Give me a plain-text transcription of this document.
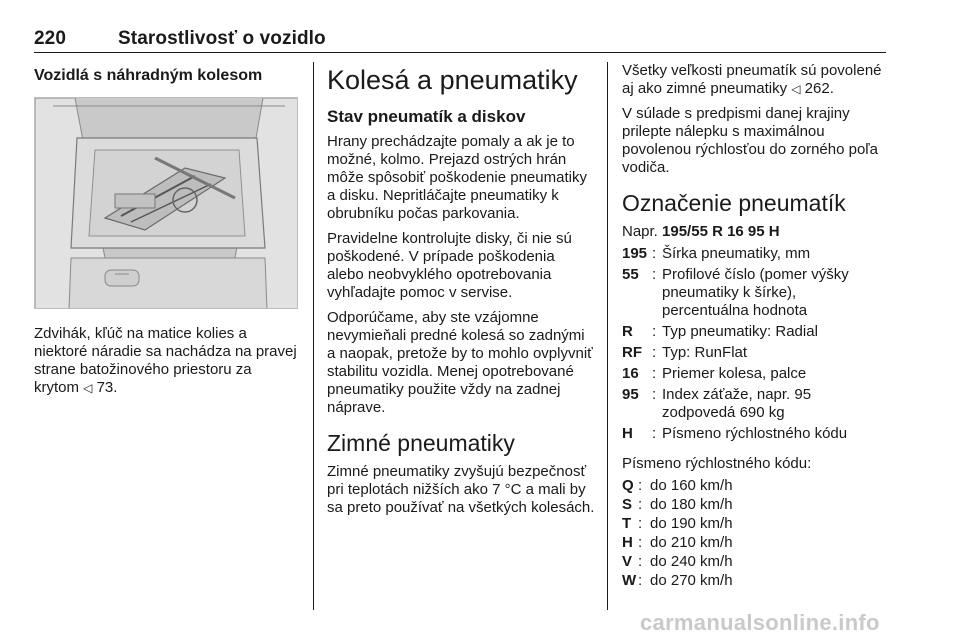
220	Starostlivosť o vozidlo
Vozidlá s náhradným kolesom
Zdvihák, kľúč na matice kolies a niektoré náradie sa nachádza na pravej strane batožinového priestoru za krytom ◁ 73.
Kolesá a pneumatiky
Stav pneumatík a diskov

Hrany prechádzajte pomaly a ak je to možné, kolmo. Prejazd ostrých hrán môže spôsobiť poškodenie pneumatiky a disku. Nepritláčajte pneumatiky k obrubníku počas parkovania.

Pravidelne kontrolujte disky, či nie sú poškodené. V prípade poškodenia alebo neobvyklého opotrebovania vyhľadajte pomoc v servise.

Odporúčame, aby ste vzájomne nevymieňali predné kolesá so zadnými a naopak, pretože by to mohlo ovplyvniť stabilitu vozidla. Menej opotrebované pneumatiky použite vždy na zadnej náprave.

Zimné pneumatiky

Zimné pneumatiky zvyšujú bezpečnosť pri teplotách nižších ako 7 °C a mali by sa preto používať na všetkých kolesách.

Všetky veľkosti pneumatík sú povolené aj ako zimné pneumatiky ◁ 262.

V súlade s predpismi danej krajiny prilepte nálepku s maximálnou povolenou rýchlosťou do zorného poľa vodiča.

Označenie pneumatík

Napr. 195/55 R 16 95 H

195 : Šírka pneumatiky, mm
55 : Profilové číslo (pomer výšky pneumatiky k šírke), percentuálna hodnota
R	: Typ pneumatiky: Radial
RF : Typ: RunFlat
16 : Priemer kolesa, palce
95 : Index záťaže, napr. 95 zodpovedá 690 kg
H	: Písmeno rýchlostného kódu

Písmeno rýchlostného kódu:

Q : do 160 km/h
S : do 180 km/h
T : do 190 km/h
H : do 210 km/h
V : do 240 km/h
W : do 270 km/h
carmanualsonline.info
